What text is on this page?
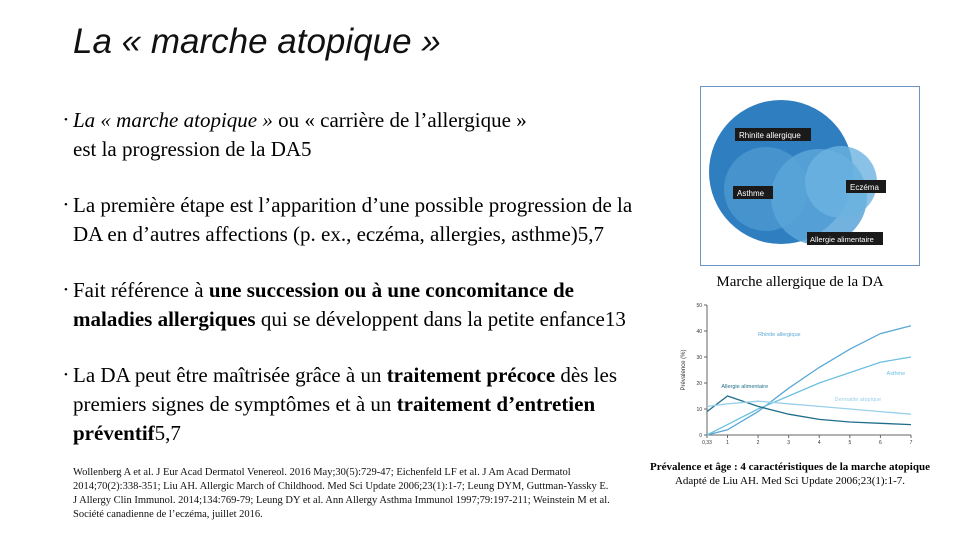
La « marche atopique »
• La « marche atopique » ou « carrière de l’allergique »
est la progression de la DA5
• La première étape est l’apparition d’une possible progression de la DA en d’autres affections (p. ex., eczéma, allergies, asthme)5,7
• Fait référence à une succession ou à une concomitance de maladies allergiques qui se développent dans la petite enfance13
• La DA peut être maîtrisée grâce à un traitement précoce dès les premiers signes de symptômes et à un traitement d’entretien préventif5,7
Wollenberg A et al. J Eur Acad Dermatol Venereol. 2016 May;30(5):729-47; Eichenfeld LF et al. J Am Acad Dermatol 2014;70(2):338-351; Liu AH. Allergic March of Childhood. Med Sci Update 2006;23(1):1-7; Leung DYM, Guttman-Yassky E. J Allergy Clin Immunol. 2014;134:769-79; Leung DY et al. Ann Allergy Asthma Immunol 1997;79:197-211; Weinstein M et al. Société canadienne de l’eczéma, juillet 2016.
Rhinite allergique
Asthme
Eczéma
Allergie alimentaire
Marche allergique de la DA
0
10
20
30
40
50
0,33	1	2	3	4	5	6	7
Prévalence (%)
Rhinite allergique
Asthme
Allergie alimentaire
Dermatite atopique
Prévalence et âge : 4 caractéristiques de la marche atopique
Adapté de Liu AH. Med Sci Update 2006;23(1):1-7.
